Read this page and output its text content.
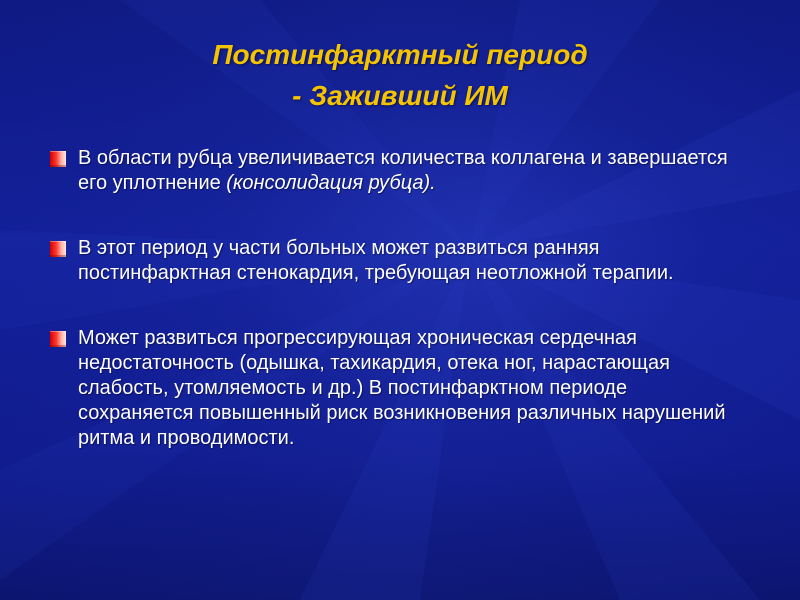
Постинфарктный период
- Заживший ИМ
В области рубца увеличивается количества коллагена и завершается его уплотнение (консолидация рубца).
В этот период у части больных может развиться ранняя постинфарктная стенокардия, требующая неотложной терапии.
Может развиться прогрессирующая хроническая сердечная недостаточность (одышка, тахикардия, отека ног, нарастающая слабость, утомляемость и др.) В постинфарктном периоде сохраняется повышенный риск возникновения различных нарушений ритма и проводимости.
